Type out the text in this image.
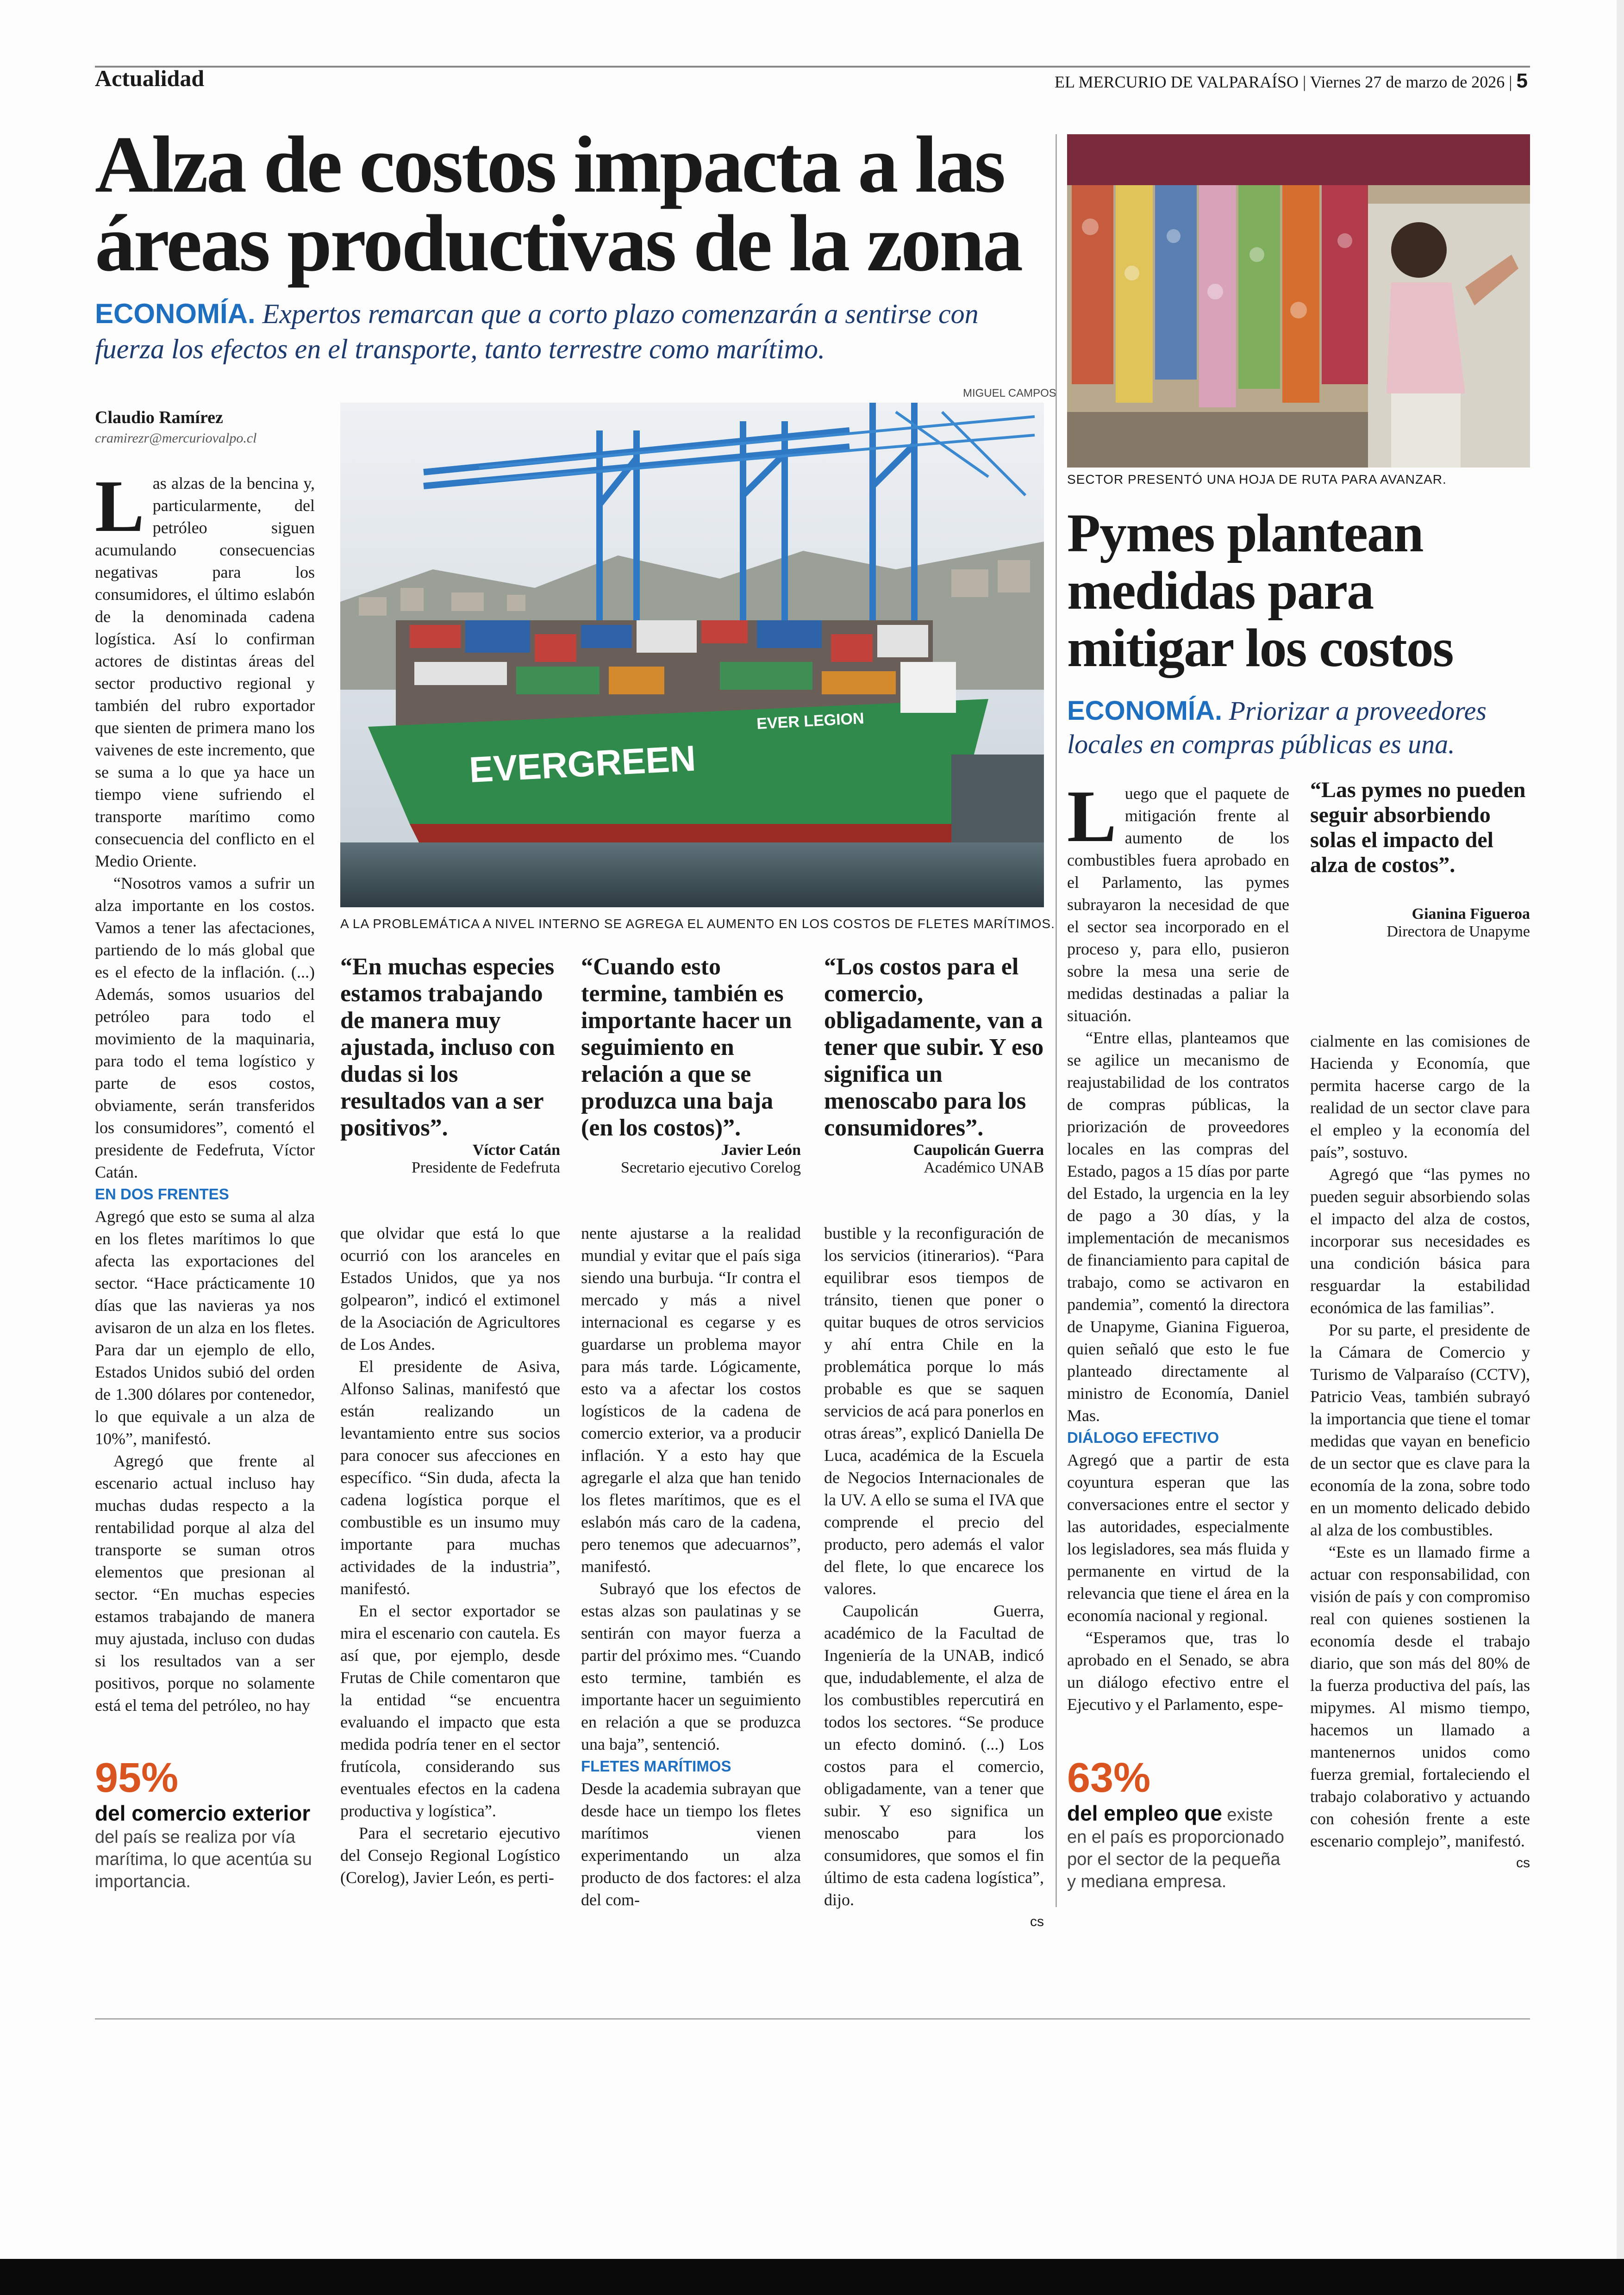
Actualidad	EL MERCURIO DE VALPARAÍSO | Viernes 27 de marzo de 2026 | 5
Alza de costos impacta a las áreas productivas de la zona
ECONOMÍA. Expertos remarcan que a corto plazo comenzarán a sentirse con fuerza los efectos en el transporte, tanto terrestre como marítimo.
Claudio Ramírez
cramirezr@mercuriovalpo.cl
MIGUEL CAMPOS
EVERGREEN
EVER LEGION
A LA PROBLEMÁTICA A NIVEL INTERNO SE AGREGA EL AUMENTO EN LOS COSTOS DE FLETES MARÍTIMOS.

Las alzas de la bencina y, particularmente, del petróleo siguen acumulando consecuencias negativas para los consumidores, el último eslabón de la denominada cadena logística. Así lo confirman actores de distintas áreas del sector productivo regional y también del rubro exportador que sienten de primera mano los vaivenes de este incremento, que se suma a lo que ya hace un tiempo viene sufriendo el transporte marítimo como consecuencia del conflicto en el Medio Oriente.

“Nosotros vamos a sufrir un alza importante en los costos. Vamos a tener las afectaciones, partiendo de lo más global que es el efecto de la inflación. (...) Además, somos usuarios del petróleo para todo el movimiento de la maquinaria, para todo el tema logístico y parte de esos costos, obviamente, serán transferidos los consumidores”, comentó el presidente de Fedefruta, Víctor Catán.

EN DOS FRENTES

Agregó que esto se suma al alza en los fletes marítimos lo que afecta las exportaciones del sector. “Hace prácticamente 10 días que las navieras ya nos avisaron de un alza en los fletes. Para dar un ejemplo de ello, Estados Unidos subió del orden de 1.300 dólares por contenedor, lo que equivale a un alza de 10%”, manifestó.

Agregó que frente al escenario actual incluso hay muchas dudas respecto a la rentabilidad porque al alza del transporte se suman otros elementos que presionan al sector. “En muchas especies estamos trabajando de manera muy ajustada, incluso con dudas si los resultados van a ser positivos, porque no solamente está el tema del petróleo, no hay

“En muchas especies estamos trabajando de manera muy ajustada, incluso con dudas si los resultados van a ser positivos”.
Víctor Catán
Presidente de Fedefruta
“Cuando esto termine, también es importante hacer un seguimiento en relación a que se produzca una baja (en los costos)”.
Javier León
Secretario ejecutivo Corelog
“Los costos para el comercio, obligadamente, van a tener que subir. Y eso significa un menoscabo para los consumidores”.
Caupolicán Guerra
Académico UNAB

que olvidar que está lo que ocurrió con los aranceles en Estados Unidos, que ya nos golpearon”, indicó el extimonel de la Asociación de Agricultores de Los Andes.

El presidente de Asiva, Alfonso Salinas, manifestó que están realizando un levantamiento entre sus socios para conocer sus afecciones en específico. “Sin duda, afecta la cadena logística porque el combustible es un insumo muy importante para muchas actividades de la industria”, manifestó.

En el sector exportador se mira el escenario con cautela. Es así que, por ejemplo, desde Frutas de Chile comentaron que la entidad “se encuentra evaluando el impacto que esta medida podría tener en el sector frutícola, considerando sus eventuales efectos en la cadena productiva y logística”.

Para el secretario ejecutivo del Consejo Regional Logístico (Corelog), Javier León, es perti-

nente ajustarse a la realidad mundial y evitar que el país siga siendo una burbuja. “Ir contra el mercado y más a nivel internacional es cegarse y es guardarse un problema mayor para más tarde. Lógicamente, esto va a afectar los costos logísticos de la cadena de comercio exterior, va a producir inflación. Y a esto hay que agregarle el alza que han tenido los fletes marítimos, que es el eslabón más caro de la cadena, pero tenemos que adecuarnos”, manifestó.

Subrayó que los efectos de estas alzas son paulatinas y se sentirán con mayor fuerza a partir del próximo mes. “Cuando esto termine, también es importante hacer un seguimiento en relación a que se produzca una baja”, sentenció.

FLETES MARÍTIMOS

Desde la academia subrayan que desde hace un tiempo los fletes marítimos vienen experimentando un alza producto de dos factores: el alza del com-

bustible y la reconfiguración de los servicios (itinerarios). “Para equilibrar esos tiempos de tránsito, tienen que poner o quitar buques de otros servicios y ahí entra Chile en la problemática porque lo más probable es que se saquen servicios de acá para ponerlos en otras áreas”, explicó Daniella De Luca, académica de la Escuela de Negocios Internacionales de la UV. A ello se suma el IVA que comprende el precio del producto, pero además el valor del flete, lo que encarece los valores.

Caupolicán Guerra, académico de la Facultad de Ingeniería de la UNAB, indicó que, indudablemente, el alza de los combustibles repercutirá en todos los sectores. “Se produce un efecto dominó. (...) Los costos para el comercio, obligadamente, van a tener que subir. Y eso significa un menoscabo para los consumidores, que somos el fin último de esta cadena logística”, dijo.

cs
95%
del comercio exterior
del país se realiza por vía marítima, lo que acentúa su importancia.
SECTOR PRESENTÓ UNA HOJA DE RUTA PARA AVANZAR.
Pymes plantean medidas para mitigar los costos
ECONOMÍA. Priorizar a proveedores locales en compras públicas es una.

Luego que el paquete de mitigación frente al aumento de los combustibles fuera aprobado en el Parlamento, las pymes subrayaron la necesidad de que el sector sea incorporado en el proceso y, para ello, pusieron sobre la mesa una serie de medidas destinadas a paliar la situación.

“Entre ellas, planteamos que se agilice un mecanismo de reajustabilidad de los contratos de compras públicas, la priorización de proveedores locales en las compras del Estado, pagos a 15 días por parte del Estado, la urgencia en la ley de pago a 30 días, y la implementación de mecanismos de financiamiento para capital de trabajo, como se activaron en pandemia”, comentó la directora de Unapyme, Gianina Figueroa, quien señaló que esto le fue planteado directamente al ministro de Economía, Daniel Mas.

DIÁLOGO EFECTIVO

Agregó que a partir de esta coyuntura esperan que las conversaciones entre el sector y las autoridades, especialmente los legisladores, sea más fluida y permanente en virtud de la relevancia que tiene el área en la economía nacional y regional.

“Esperamos que, tras lo aprobado en el Senado, se abra un diálogo efectivo entre el Ejecutivo y el Parlamento, espe-

“Las pymes no pueden seguir absorbiendo solas el impacto del alza de costos”.
Gianina Figueroa
Directora de Unapyme

cialmente en las comisiones de Hacienda y Economía, que permita hacerse cargo de la realidad de un sector clave para el empleo y la economía del país”, sostuvo.

Agregó que “las pymes no pueden seguir absorbiendo solas el impacto del alza de costos, incorporar sus necesidades es una condición básica para resguardar la estabilidad económica de las familias”.

Por su parte, el presidente de la Cámara de Comercio y Turismo de Valparaíso (CCTV), Patricio Veas, también subrayó la importancia que tiene el tomar medidas que vayan en beneficio de un sector que es clave para la economía de la zona, sobre todo en un momento delicado debido al alza de los combustibles.

“Este es un llamado firme a actuar con responsabilidad, con visión de país y con compromiso real con quienes sostienen la economía desde el trabajo diario, que son más del 80% de la fuerza productiva del país, las mipymes. Al mismo tiempo, hacemos un llamado a mantenernos unidos como fuerza gremial, fortaleciendo el trabajo colaborativo y actuando con cohesión frente a este escenario complejo”, manifestó.

cs
63%
del empleo que existe en el país es proporcionado por el sector de la pequeña y mediana empresa.
